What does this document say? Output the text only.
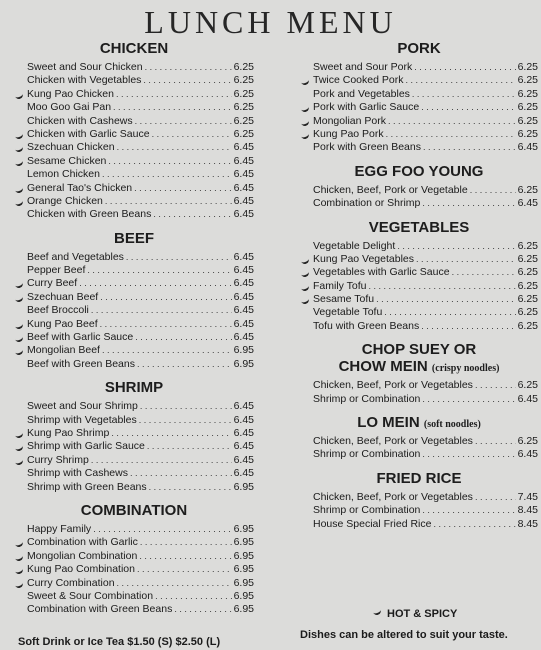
LUNCH MENU
CHICKEN
Sweet and Sour Chicken . . .	6.25
Chicken with Vegetables . . .	6.25
Kung Pao Chicken . . .	6.25
Moo Goo Gai Pan . . .	6.25
Chicken with Cashews . . .	6.25
Chicken with Garlic Sauce . . .	6.25
Szechuan Chicken . . .	6.45
Sesame Chicken . . .	6.45
Lemon Chicken . . .	6.45
General Tao's Chicken . . .	6.45
Orange Chicken . . .	6.45
Chicken with Green Beans . . .	6.45
BEEF
Beef and Vegetables . . .	6.45
Pepper Beef . . .	6.45
Curry Beef . . .	6.45
Szechuan Beef . . .	6.45
Beef Broccoli . . .	6.45
Kung Pao Beef . . .	6.45
Beef with Garlic Sauce . . .	6.45
Mongolian Beef . . .	6.95
Beef with Green Beans . . .	6.95
SHRIMP
Sweet and Sour Shrimp . . .	6.45
Shrimp with Vegetables . . .	6.45
Kung Pao Shrimp . . .	6.45
Shrimp with Garlic Sauce . . .	6.45
Curry Shrimp . . .	6.45
Shrimp with Cashews . . .	6.45
Shrimp with Green Beans . . .	6.95
COMBINATION
Happy Family . . .	6.95
Combination with Garlic . . .	6.95
Mongolian Combination . . .	6.95
Kung Pao Combination . . .	6.95
Curry Combination . . .	6.95
Sweet & Sour Combination . . .	6.95
Combination with Green Beans . . .	6.95
PORK
Sweet and Sour Pork . . .	6.25
Twice Cooked Pork . . .	6.25
Pork and Vegetables . . .	6.25
Pork with Garlic Sauce . . .	6.25
Mongolian Pork . . .	6.25
Kung Pao Pork . . .	6.25
Pork with Green Beans . . .	6.45
EGG FOO YOUNG
Chicken, Beef, Pork or Vegetable . . .	6.25
Combination or Shrimp . . .	6.45
VEGETABLES
Vegetable Delight . . .	6.25
Kung Pao Vegetables . . .	6.25
Vegetables with Garlic Sauce . . .	6.25
Family Tofu . . .	6.25
Sesame Tofu . . .	6.25
Vegetable Tofu . . .	6.25
Tofu with Green Beans . . .	6.25
CHOP SUEY OR
CHOW MEIN (crispy noodles)
Chicken, Beef, Pork or Vegetables . . .	6.25
Shrimp or Combination . . .	6.45
LO MEIN (soft noodles)
Chicken, Beef, Pork or Vegetables . . .	6.25
Shrimp or Combination . . .	6.45
FRIED RICE
Chicken, Beef, Pork or Vegetables . . .	7.45
Shrimp or Combination . . .	8.45
House Special Fried Rice . . .	8.45
HOT & SPICY
Soft Drink or Ice Tea $1.50 (S) $2.50 (L)
Dishes can be altered to suit your taste.
